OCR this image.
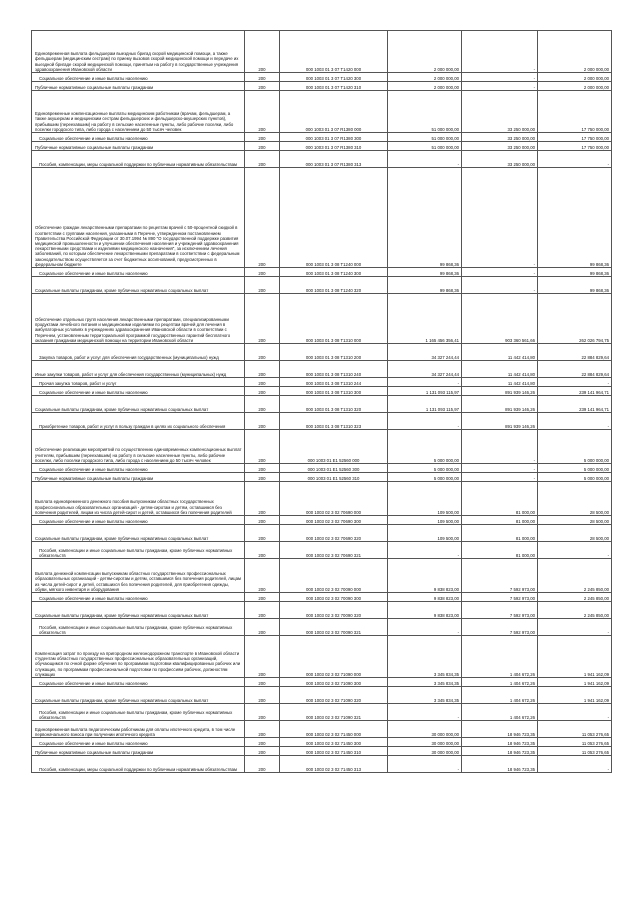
Единовременная выплата фельдшерам выездных бригад скорой медицинской помощи, а также фельдшерам (медицинским сестрам) по приему вызовов скорой медицинской помощи и передаче их выездной бригаде скорой медицинской помощи, принятым на работу в государственные учреждения здравоохранения Ивановской области	200	000 1003 01 3 07 Т1420 000	2 000 000,00	-	2 000 000,00
Социальное обеспечение и иные выплаты населению	200	000 1003 01 3 07 Т1420 300	2 000 000,00	-	2 000 000,00
Публичные нормативные социальные выплаты гражданам	200	000 1003 01 3 07 Т1420 310	2 000 000,00	-	2 000 000,00
Единовременные компенсационные выплаты медицинским работникам (врачам, фельдшерам, а также акушеркам и медицинским сестрам фельдшерских и фельдшерско-акушерских пунктов), прибывшим (переехавшим) на работу в сельские населенные пункты, либо рабочие поселки, либо поселки городского типа, либо города с населением до 50 тысяч человек	200	000 1003 01 3 07 R1380 000	51 000 000,00	33 250 000,00	17 750 000,00
Социальное обеспечение и иные выплаты населению	200	000 1003 01 3 07 R1380 300	51 000 000,00	33 250 000,00	17 750 000,00
Публичные нормативные социальные выплаты гражданам	200	000 1003 01 3 07 R1380 310	51 000 000,00	33 250 000,00	17 750 000,00
Пособия, компенсации, меры социальной поддержки по публичным нормативным обязательствам	200	000 1003 01 3 07 R1380 313	-	33 250 000,00	-
Обеспечение граждан лекарственными препаратами по рецептам врачей с 50-процентной скидкой в соответствии с группами населения, указанными в Перечне, утвержденном постановлением Правительства Российской Федерации от 30.07.1994 № 890 "О государственной поддержке развития медицинской промышленности и улучшении обеспечения населения и учреждений здравоохранения лекарственными средствами и изделиями медицинского назначения", за исключением лечения заболеваний, по которым обеспечение лекарственными препаратами в соответствии с федеральным законодательством осуществляется за счет бюджетных ассигнований, предусмотренных в федеральном бюджете	200	000 1003 01 3 08 Т1240 000	99 868,36	-	99 868,36
Социальное обеспечение и иные выплаты населению	200	000 1003 01 3 08 Т1240 300	99 868,36	-	99 868,36
Социальные выплаты гражданам, кроме публичных нормативных социальных выплат	200	000 1003 01 3 08 Т1240 320	99 868,36	-	99 868,36
Обеспечение отдельных групп населения лекарственными препаратами, специализированными продуктами лечебного питания и медицинскими изделиями по рецептам врачей для лечения в амбулаторных условиях в учреждениях здравоохранения Ивановской области в соответствии с Перечнем, установленным территориальной программой государственных гарантий бесплатного оказания гражданам медицинской помощи на территории Ивановской области	200	000 1003 01 3 08 Т1310 000	1 165 456 356,41	903 360 561,66	262 026 794,75
Закупка товаров, работ и услуг для обеспечения государственных (муниципальных) нужд	200	000 1003 01 3 08 Т1310 200	34 327 244,44	11 442 414,80	22 884 829,64
Иные закупки товаров, работ и услуг для обеспечения государственных (муниципальных) нужд	200	000 1003 01 3 08 Т1310 240	34 327 244,44	11 442 414,80	22 884 829,64
Прочая закупка товаров, работ и услуг	200	000 1003 01 3 08 Т1310 244	-	11 442 414,80	-
Социальное обеспечение и иные выплаты населению	200	000 1003 01 3 08 Т1310 300	1 131 093 115,97	891 939 146,26	239 141 964,71
Социальные выплаты гражданам, кроме публичных нормативных социальных выплат	200	000 1003 01 3 08 Т1310 320	1 131 093 115,97	891 939 146,26	239 141 964,71
Приобретение товаров, работ и услуг в пользу граждан в целях их социального обеспечения	200	000 1003 01 3 08 Т1310 323	-	891 939 146,26	-
Обеспечение реализации мероприятий по осуществлению единовременных компенсационных выплат учителям, прибывшим (переехавшим) на работу в сельские населенные пункты, либо рабочие поселки, либо поселки городского типа, либо города с населением до 50 тысяч человек	200	000 1003 01 Е1 52560 000	5 000 000,00	-	5 000 000,00
Социальное обеспечение и иные выплаты населению	200	000 1003 01 Е1 52560 300	5 000 000,00	-	5 000 000,00
Публичные нормативные социальные выплаты гражданам	200	000 1003 01 Е1 52560 310	5 000 000,00	-	5 000 000,00
Выплата единовременного денежного пособия выпускникам областных государственных профессиональных образовательных организаций - детям-сиротам и детям, оставшимся без попечения родителей, лицам из числа детей-сирот и детей, оставшихся без попечения родителей	200	000 1003 02 3 02 70690 000	109 500,00	81 000,00	28 500,00
Социальное обеспечение и иные выплаты населению	200	000 1003 02 3 02 70690 300	109 500,00	81 000,00	28 500,00
Социальные выплаты гражданам, кроме публичных нормативных социальных выплат	200	000 1003 02 3 02 70690 320	109 500,00	81 000,00	28 500,00
Пособия, компенсации и иные социальные выплаты гражданам, кроме публичных нормативных обязательств	200	000 1003 02 3 02 70690 321	-	81 000,00	-
Выплата денежной компенсации выпускникам областных государственных профессиональных образовательных организаций - детям-сиротам и детям, оставшимся без попечения родителей, лицам из числа детей-сирот и детей, оставшихся без попечения родителей, для приобретения одежды, обуви, мягкого инвентаря и оборудования	200	000 1003 02 3 02 70090 000	9 838 823,00	7 592 973,00	2 245 850,00
Социальное обеспечение и иные выплаты населению	200	000 1003 02 3 02 70090 300	9 838 823,00	7 592 973,00	2 245 850,00
Социальные выплаты гражданам, кроме публичных нормативных социальных выплат	200	000 1003 02 3 02 70090 320	9 838 823,00	7 592 973,00	2 245 850,00
Пособия, компенсации и иные социальные выплаты гражданам, кроме публичных нормативных обязательств	200	000 1003 02 3 02 70090 321	-	7 592 973,00	-
Компенсация затрат по проезду на пригородном железнодорожном транспорте в Ивановской области студентам областных государственных профессиональных образовательных организаций, обучающимся по очной форме обучения по программам подготовки квалифицированных рабочих или служащих, по программам профессиональной подготовки по профессиям рабочих, должностям служащих	200	000 1003 02 3 02 71090 000	3 345 834,35	1 404 672,26	1 941 162,09
Социальное обеспечение и иные выплаты населению	200	000 1003 02 3 02 71090 300	3 345 834,35	1 404 672,26	1 941 162,09
Социальные выплаты гражданам, кроме публичных нормативных социальных выплат	200	000 1003 02 3 02 71090 320	3 345 834,35	1 404 672,26	1 941 162,09
Пособия, компенсации и иные социальные выплаты гражданам, кроме публичных нормативных обязательств	200	000 1003 02 3 02 71090 321	-	1 404 672,26	-
Единовременная выплата педагогическим работникам для оплаты ипотечного кредита, в том числе первоначального взноса при получении ипотечного кредита	200	000 1003 02 3 02 71450 000	30 000 000,00	18 946 723,35	11 053 276,65
Социальное обеспечение и иные выплаты населению	200	000 1003 02 3 02 71450 300	30 000 000,00	18 946 723,35	11 053 276,65
Публичные нормативные социальные выплаты гражданам	200	000 1003 02 3 02 71450 310	30 000 000,00	18 946 723,35	11 053 276,65
Пособия, компенсации, меры социальной поддержки по публичным нормативным обязательствам	200	000 1003 02 3 02 71450 313	-	18 946 723,35	-
